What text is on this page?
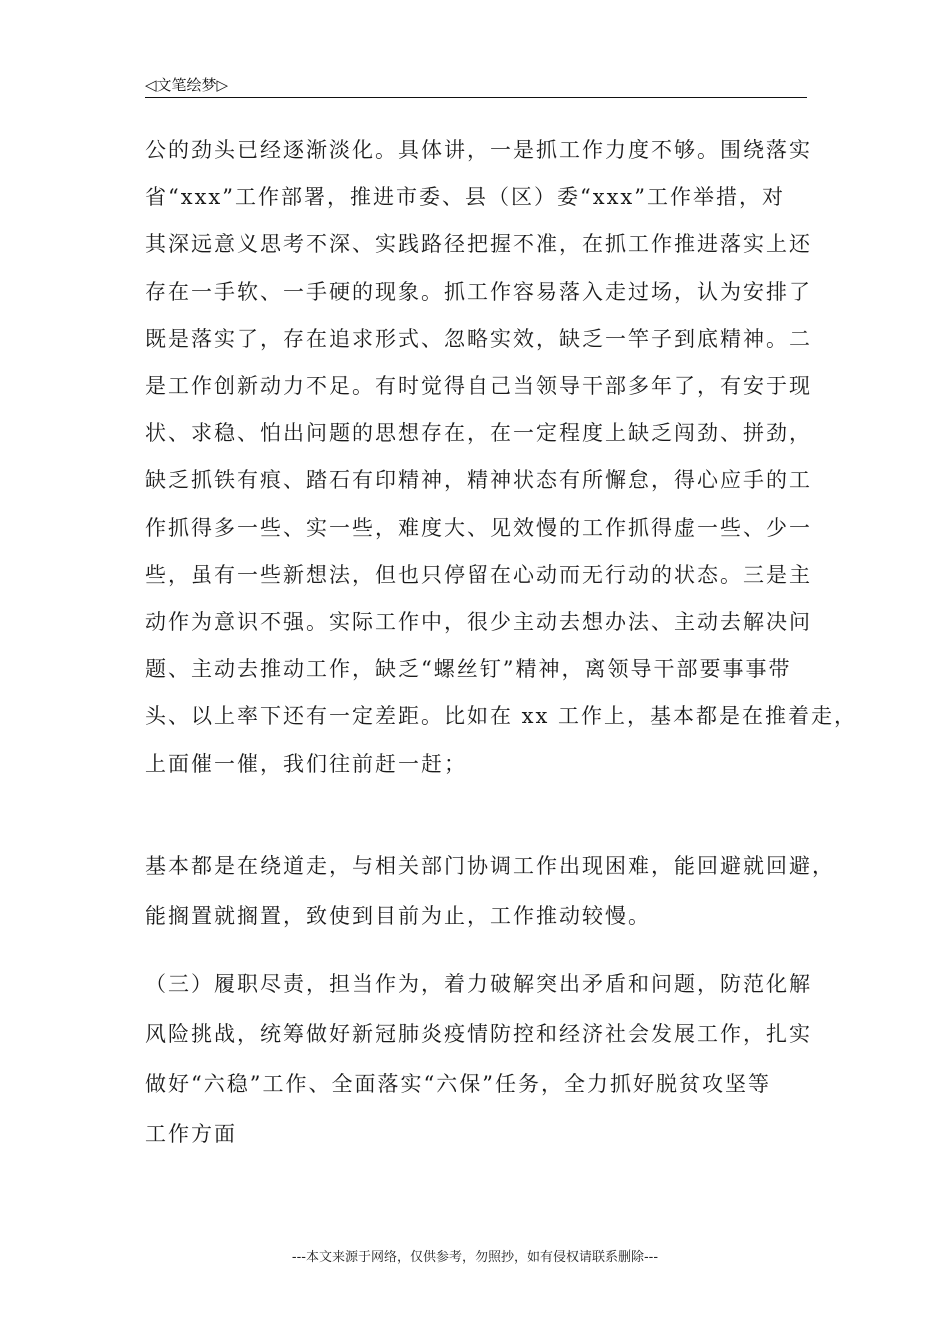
◁文笔绘梦▷
公的劲头已经逐渐淡化。具体讲，一是抓工作力度不够。围绕落实
省“xxx”工作部署，推进市委、县（区）委“xxx”工作举措，对
其深远意义思考不深、实践路径把握不准，在抓工作推进落实上还
存在一手软、一手硬的现象。抓工作容易落入走过场，认为安排了
既是落实了，存在追求形式、忽略实效，缺乏一竿子到底精神。二
是工作创新动力不足。有时觉得自己当领导干部多年了，有安于现
状、求稳、怕出问题的思想存在，在一定程度上缺乏闯劲、拼劲，
缺乏抓铁有痕、踏石有印精神，精神状态有所懈怠，得心应手的工
作抓得多一些、实一些，难度大、见效慢的工作抓得虚一些、少一
些，虽有一些新想法，但也只停留在心动而无行动的状态。三是主
动作为意识不强。实际工作中，很少主动去想办法、主动去解决问
题、主动去推动工作，缺乏“螺丝钉”精神，离领导干部要事事带
头、以上率下还有一定差距。比如在 xx 工作上，基本都是在推着走，
上面催一催，我们往前赶一赶；
基本都是在绕道走，与相关部门协调工作出现困难，能回避就回避，
能搁置就搁置，致使到目前为止，工作推动较慢。
（三）履职尽责，担当作为，着力破解突出矛盾和问题，防范化解
风险挑战，统筹做好新冠肺炎疫情防控和经济社会发展工作，扎实
做好“六稳”工作、全面落实“六保”任务，全力抓好脱贫攻坚等
工作方面
---本文来源于网络，仅供参考，勿照抄，如有侵权请联系删除---
